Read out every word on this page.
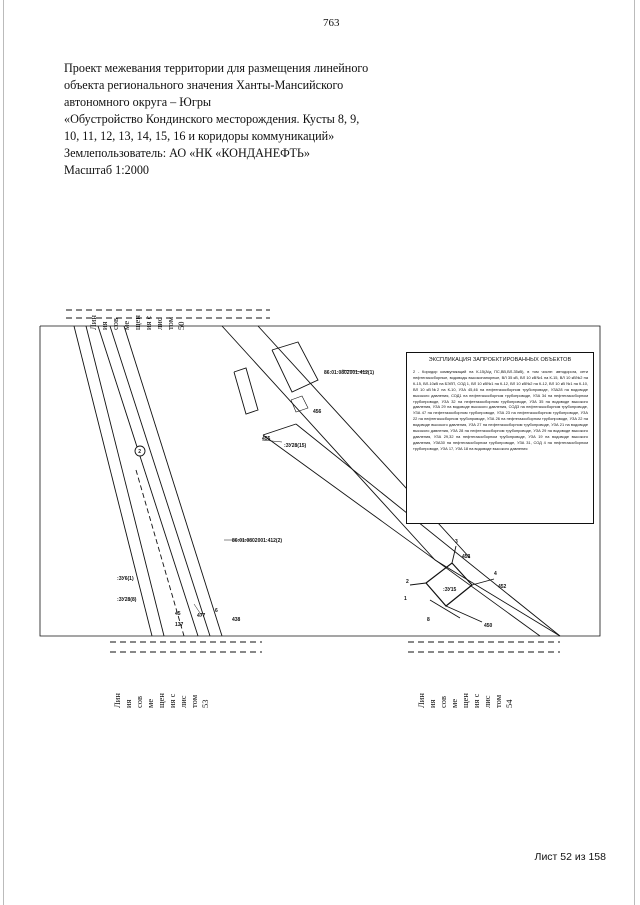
763
Проект межевания территории для размещения линейного
объекта регионального значения Ханты-Мансийского
автономного округа – Югры
«Обустройство Кондинского месторождения. Кусты 8, 9,
10, 11, 12, 13, 14, 15, 16 и коридоры коммуникаций»
Землепользователь: АО «НК «КОНДАНЕФТЬ»
Масштаб 1:2000
2
86:01:0802001:412(1)
86:01:0802001:412(2)
456
455
:ЗУ28(15)
:ЗУ6(1)
:ЗУ28(8)
45
137
477
6
438
3
453
4
2
1
:ЗУ15	452
8
450
ЭКСПЛИКАЦИЯ ЗАПРОЕКТИРОВАННЫХ ОБЪЕКТОВ
2 - Коридор коммуникаций на К-15(А/д ПС,ВВ,ВЛ-35кВ), в том числе: автодорога, сети нефтегазосборные, водоводы высоконапорные, ВЛ 35 кВ, ВЛ 10 кВ№1 на К-15, ВЛ 10 кВ№2 на К-15, ВЛ-10кВ на БЭЛП, СОД 1, ВЛ 10 кВ№1 на К-12, ВЛ 10 кВ№2 на К-12, ВЛ 10 кВ №1 на К-10, ВЛ 10 кВ№2 на К-10, УЗА 45,46 на нефтегазосборном трубопроводе, УЗА28 на водоводе высокого давления, СОД1 на нефтегазосборном трубопроводе, УЗА 34 на нефтегазосборном трубопроводе, УЗА 32 на нефтегазосборном трубопроводе, УЗА 35 на водоводе высокого давления, УЗА 29 на водоводе высокого давления, СОД3 на нефтегазосборном трубопроводе, УЗА 47 на нефтегазосборном трубопроводе, УЗА 23 на нефтегазосборном трубопроводе, УЗА 22 на нефтегазосборном трубопроводе, УЗА 26 на нефтегазосборном трубопроводе, УЗА 22 на водоводе высокого давления, УЗА 27 на нефтегазосборном трубопроводе, УЗА 21 на водоводе высокого давления, УЗА 28 на нефтегазосборном трубопроводе, УЗА 29 на водоводе высокого давления, УЗА 29,32 на нефтегазосборном трубопроводе, УЗА 19 на водоводе высокого давления, УЗА30 на нефтегазосборном трубопроводе, УЗА 31, СОД 4 на нефтегазосборном трубопроводе, УЗА 17, УЗА 18 на водоводе высокого давления
Лин ия сов ме щен ия с лис том 50
Лин ия сов ме щен ия с лис том 53	Лин ия сов ме щен ия с лис том 54
Лист 52 из 158
